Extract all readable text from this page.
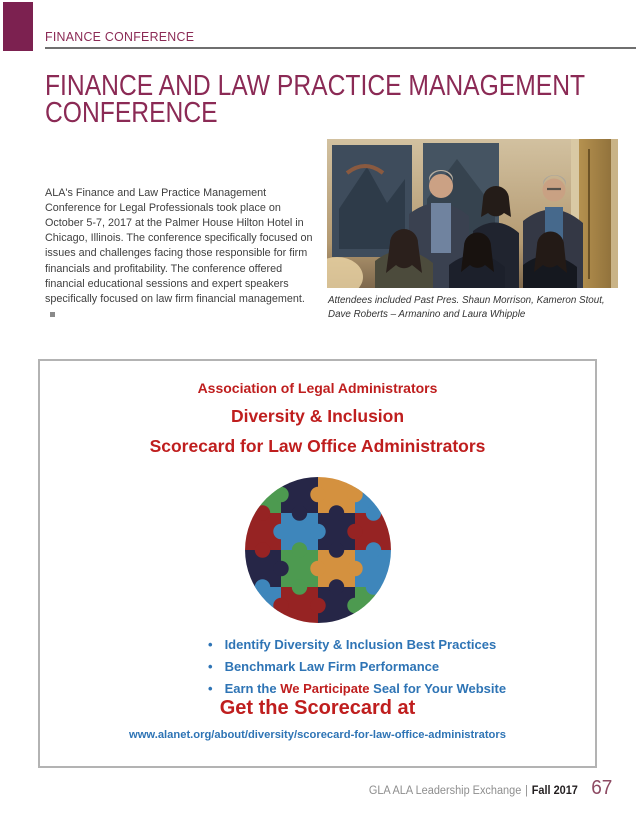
FINANCE CONFERENCE
FINANCE AND LAW PRACTICE MANAGEMENT
CONFERENCE

ALA's Finance and Law Practice Management Conference for Legal Professionals took place on October 5-7, 2017 at the Palmer House Hilton Hotel in Chicago, Illinois. The conference specifically focused on issues and challenges facing those responsible for firm financials and profitability. The conference offered financial educational sessions and expert speakers specifically focused on law firm financial management.	Attendees included Past Pres. Shaun Morrison, Kameron Stout, Dave Roberts – Armanino and Laura Whipple
Association of Legal Administrators
Diversity & Inclusion
Scorecard for Law Office Administrators
• Identify Diversity & Inclusion Best Practices
• Benchmark Law Firm Performance
• Earn the We Participate Seal for Your Website
Get the Scorecard at
www.alanet.org/about/diversity/scorecard-for-law-office-administrators
GLA ALA Leadership Exchange | Fall 2017 67
